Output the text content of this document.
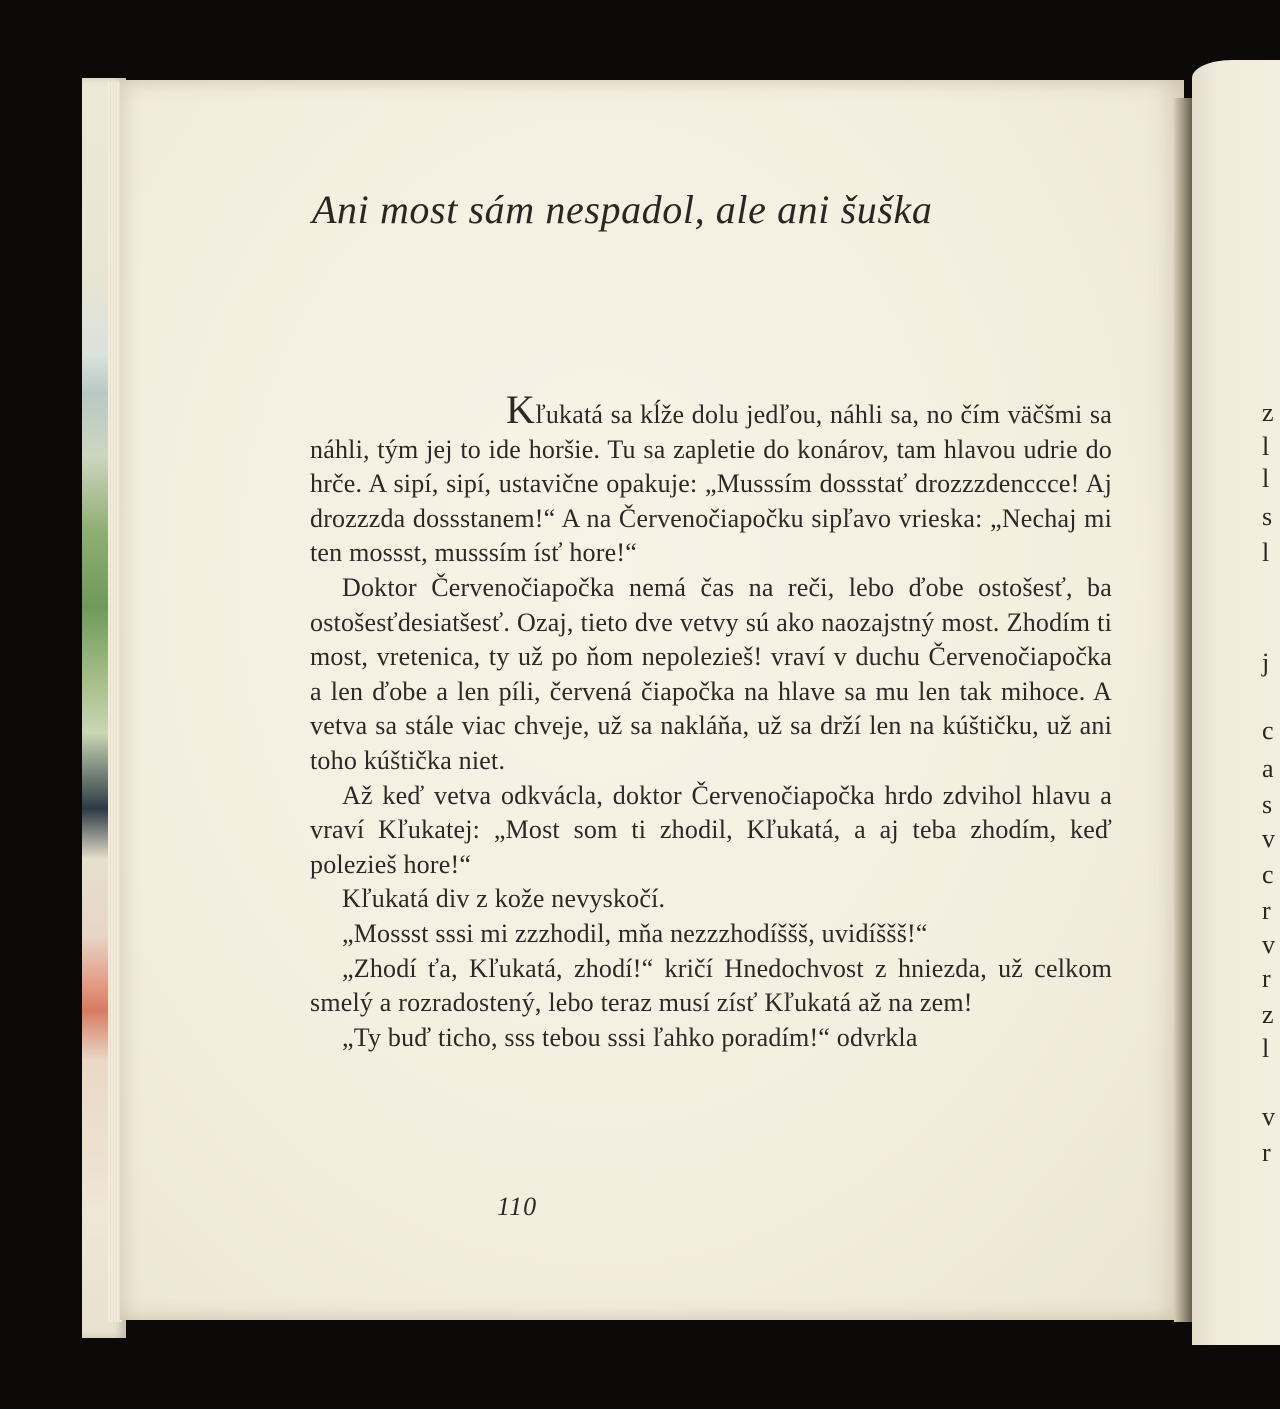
z
l
l
s
l
j
c
a
s
v
c
r
v
r
z
l
v
r
Ani most sám nespadol, ale ani šuška

Kľukatá sa kĺže dolu jedľou, náhli sa, no čím väčšmi sa náhli, tým jej to ide horšie. Tu sa zapletie do konárov, tam hlavou udrie do hrče. A sipí, sipí, ustavične opakuje: „Musssím dossstať drozzzdenccce! Aj drozzzda dossstanem!“ A na Červenočiapočku sipľavo vrieska: „Nechaj mi ten mossst, musssím ísť hore!“

Doktor Červenočiapočka nemá čas na reči, lebo ďobe ostošesť, ba ostošesťdesiatšesť. Ozaj, tieto dve vetvy sú ako naozajstný most. Zhodím ti most, vretenica, ty už po ňom nepolezieš! vraví v duchu Červenočiapočka a len ďobe a len píli, červená čiapočka na hlave sa mu len tak mihoce. A vetva sa stále viac chveje, už sa nakláňa, už sa drží len na kúštičku, už ani toho kúštička niet.

Až keď vetva odkvácla, doktor Červenočiapočka hrdo zdvihol hlavu a vraví Kľukatej: „Most som ti zhodil, Kľukatá, a aj teba zhodím, keď polezieš hore!“

Kľukatá div z kože nevyskočí.

„Mossst sssi mi zzzhodil, mňa nezzzhodíššš, uvidíššš!“

„Zhodí ťa, Kľukatá, zhodí!“ kričí Hnedochvost z hniezda, už celkom smelý a rozradostený, lebo teraz musí zísť Kľukatá až na zem!

„Ty buď ticho, sss tebou sssi ľahko poradím!“ odvrkla

110
